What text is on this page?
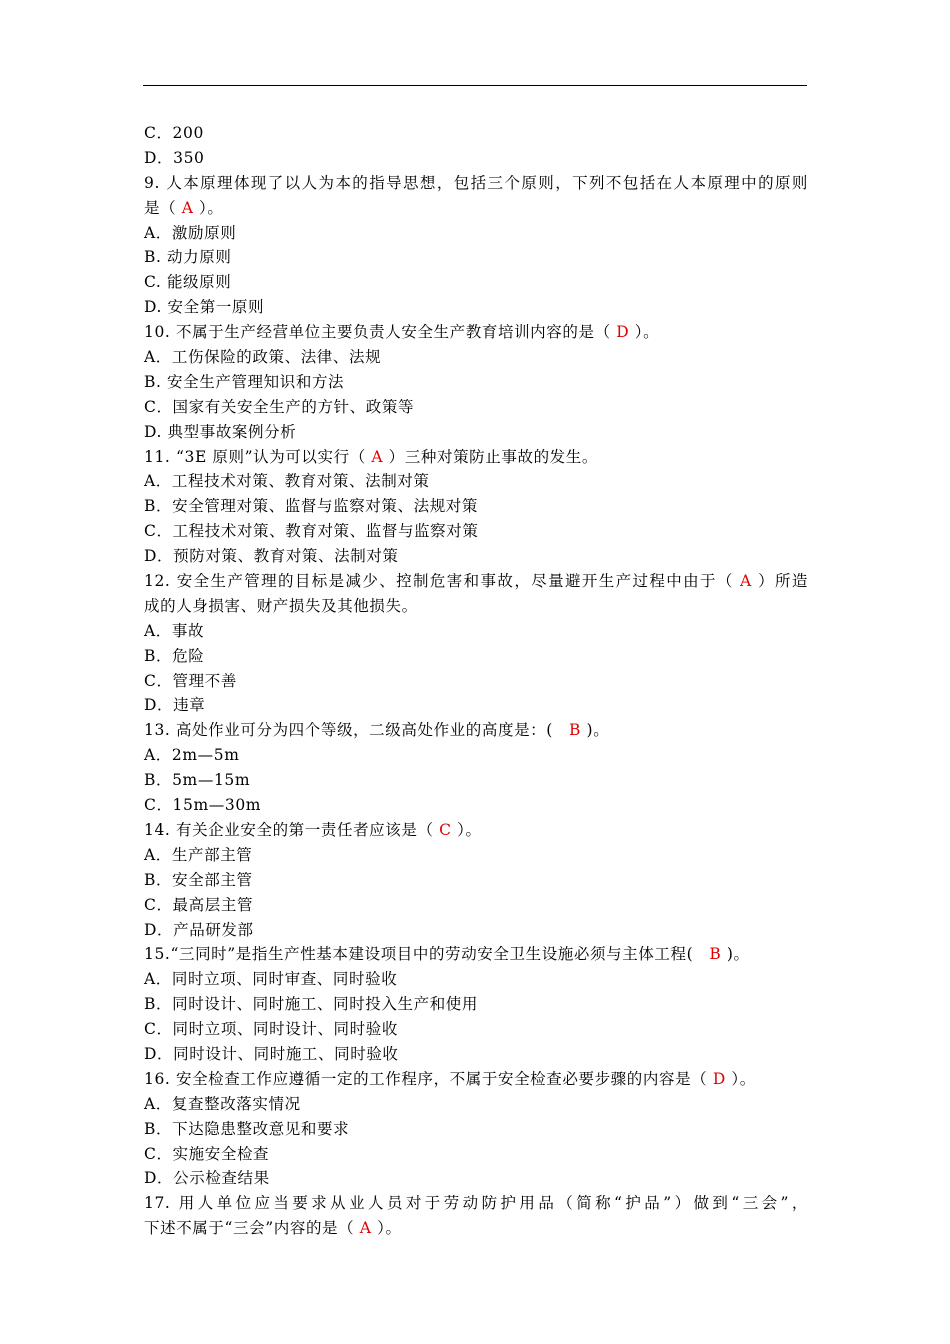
C．200
D．350
9. 人本原理体现了以人为本的指导思想，包括三个原则，下列不包括在人本原理中的原则
是（ A ）。
A．激励原则
B. 动力原则
C. 能级原则
D. 安全第一原则
10. 不属于生产经营单位主要负责人安全生产教育培训内容的是（ D ）。
A．工伤保险的政策、法律、法规
B. 安全生产管理知识和方法
C．国家有关安全生产的方针、政策等
D. 典型事故案例分析
11. “3E 原则”认为可以实行（ A ）三种对策防止事故的发生。
A．工程技术对策、教育对策、法制对策
B．安全管理对策、监督与监察对策、法规对策
C．工程技术对策、教育对策、监督与监察对策
D．预防对策、教育对策、法制对策
12. 安全生产管理的目标是减少、控制危害和事故，尽量避开生产过程中由于（ A ）所造
成的人身损害、财产损失及其他损失。
A．事故
B．危险
C．管理不善
D．违章
13. 高处作业可分为四个等级，二级高处作业的高度是：(　B )。
A．2m—5m
B．5m—15m
C．15m—30m
14. 有关企业安全的第一责任者应该是（ C ）。
A．生产部主管
B．安全部主管
C．最高层主管
D．产品研发部
15.“三同时”是指生产性基本建设项目中的劳动安全卫生设施必须与主体工程(　B )。
A．同时立项、同时审查、同时验收
B．同时设计、同时施工、同时投入生产和使用
C．同时立项、同时设计、同时验收
D．同时设计、同时施工、同时验收
16. 安全检查工作应遵循一定的工作程序，不属于安全检查必要步骤的内容是（ D ）。
A．复查整改落实情况
B．下达隐患整改意见和要求
C．实施安全检查
D．公示检查结果
17. 用人单位应当要求从业人员对于劳动防护用品（简称“护品”）做到“三会”，
下述不属于“三会”内容的是（ A ）。
